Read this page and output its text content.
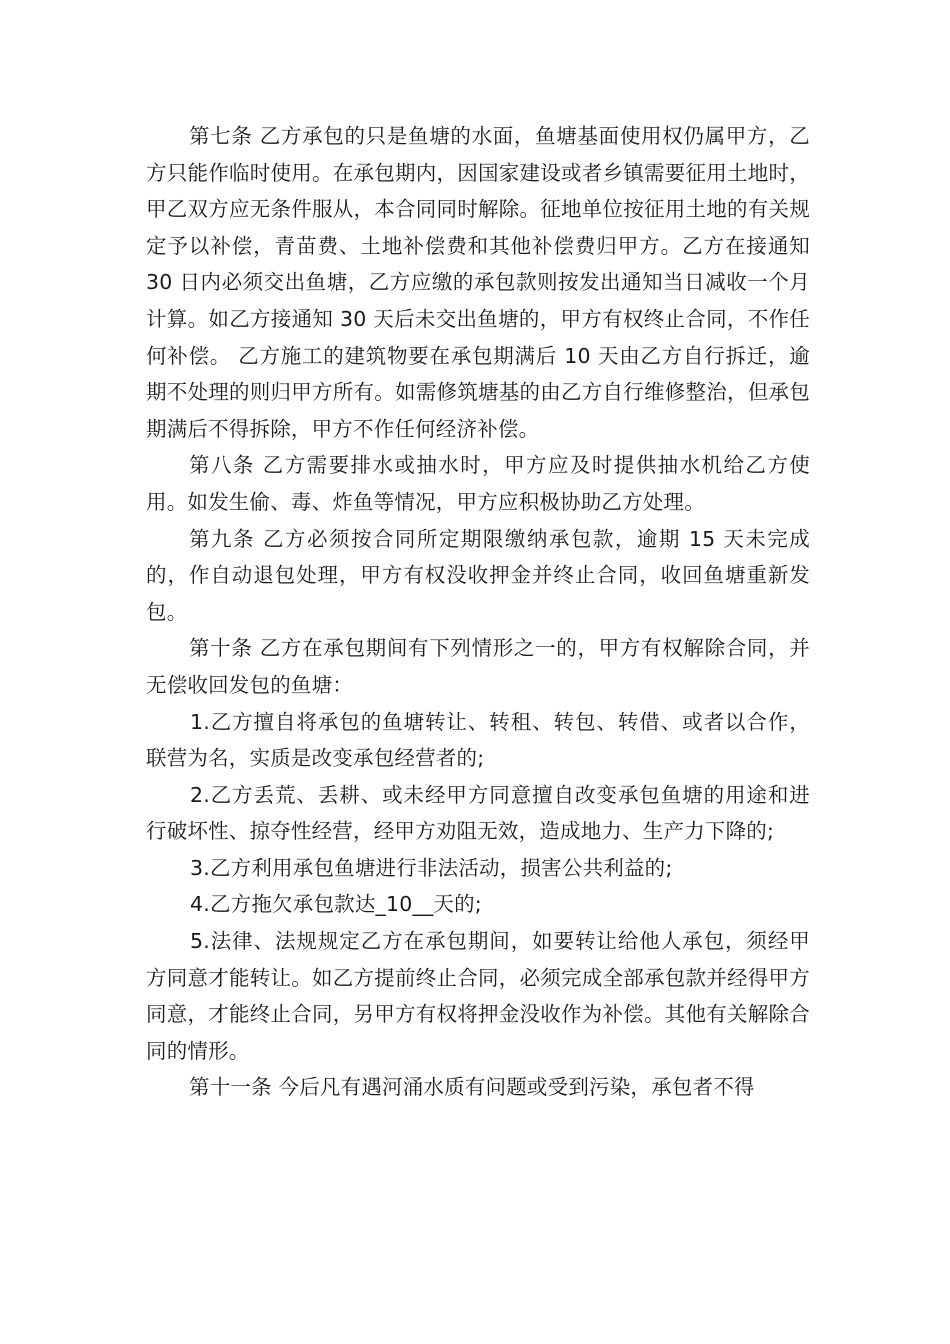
第七条 乙方承包的只是鱼塘的水面，鱼塘基面使用权仍属甲方，乙方只能作临时使用。在承包期内，因国家建设或者乡镇需要征用土地时，甲乙双方应无条件服从，本合同同时解除。征地单位按征用土地的有关规定予以补偿，青苗费、土地补偿费和其他补偿费归甲方。乙方在接通知 30 日内必须交出鱼塘，乙方应缴的承包款则按发出通知当日减收一个月计算。如乙方接通知 30 天后未交出鱼塘的，甲方有权终止合同，不作任何补偿。 乙方施工的建筑物要在承包期满后 10 天由乙方自行拆迁，逾期不处理的则归甲方所有。如需修筑塘基的由乙方自行维修整治，但承包期满后不得拆除，甲方不作任何经济补偿。

第八条 乙方需要排水或抽水时，甲方应及时提供抽水机给乙方使用。如发生偷、毒、炸鱼等情况，甲方应积极协助乙方处理。

第九条 乙方必须按合同所定期限缴纳承包款，逾期 15 天未完成的，作自动退包处理，甲方有权没收押金并终止合同，收回鱼塘重新发包。

第十条 乙方在承包期间有下列情形之一的，甲方有权解除合同，并无偿收回发包的鱼塘：

1.乙方擅自将承包的鱼塘转让、转租、转包、转借、或者以合作，联营为名，实质是改变承包经营者的;

2.乙方丢荒、丢耕、或未经甲方同意擅自改变承包鱼塘的用途和进行破坏性、掠夺性经营，经甲方劝阻无效，造成地力、生产力下降的;

3.乙方利用承包鱼塘进行非法活动，损害公共利益的;

4.乙方拖欠承包款达_10__天的;

5.法律、法规规定乙方在承包期间，如要转让给他人承包，须经甲方同意才能转让。如乙方提前终止合同，必须完成全部承包款并经得甲方同意，才能终止合同，另甲方有权将押金没收作为补偿。其他有关解除合同的情形。

第十一条 今后凡有遇河涌水质有问题或受到污染，承包者不得
